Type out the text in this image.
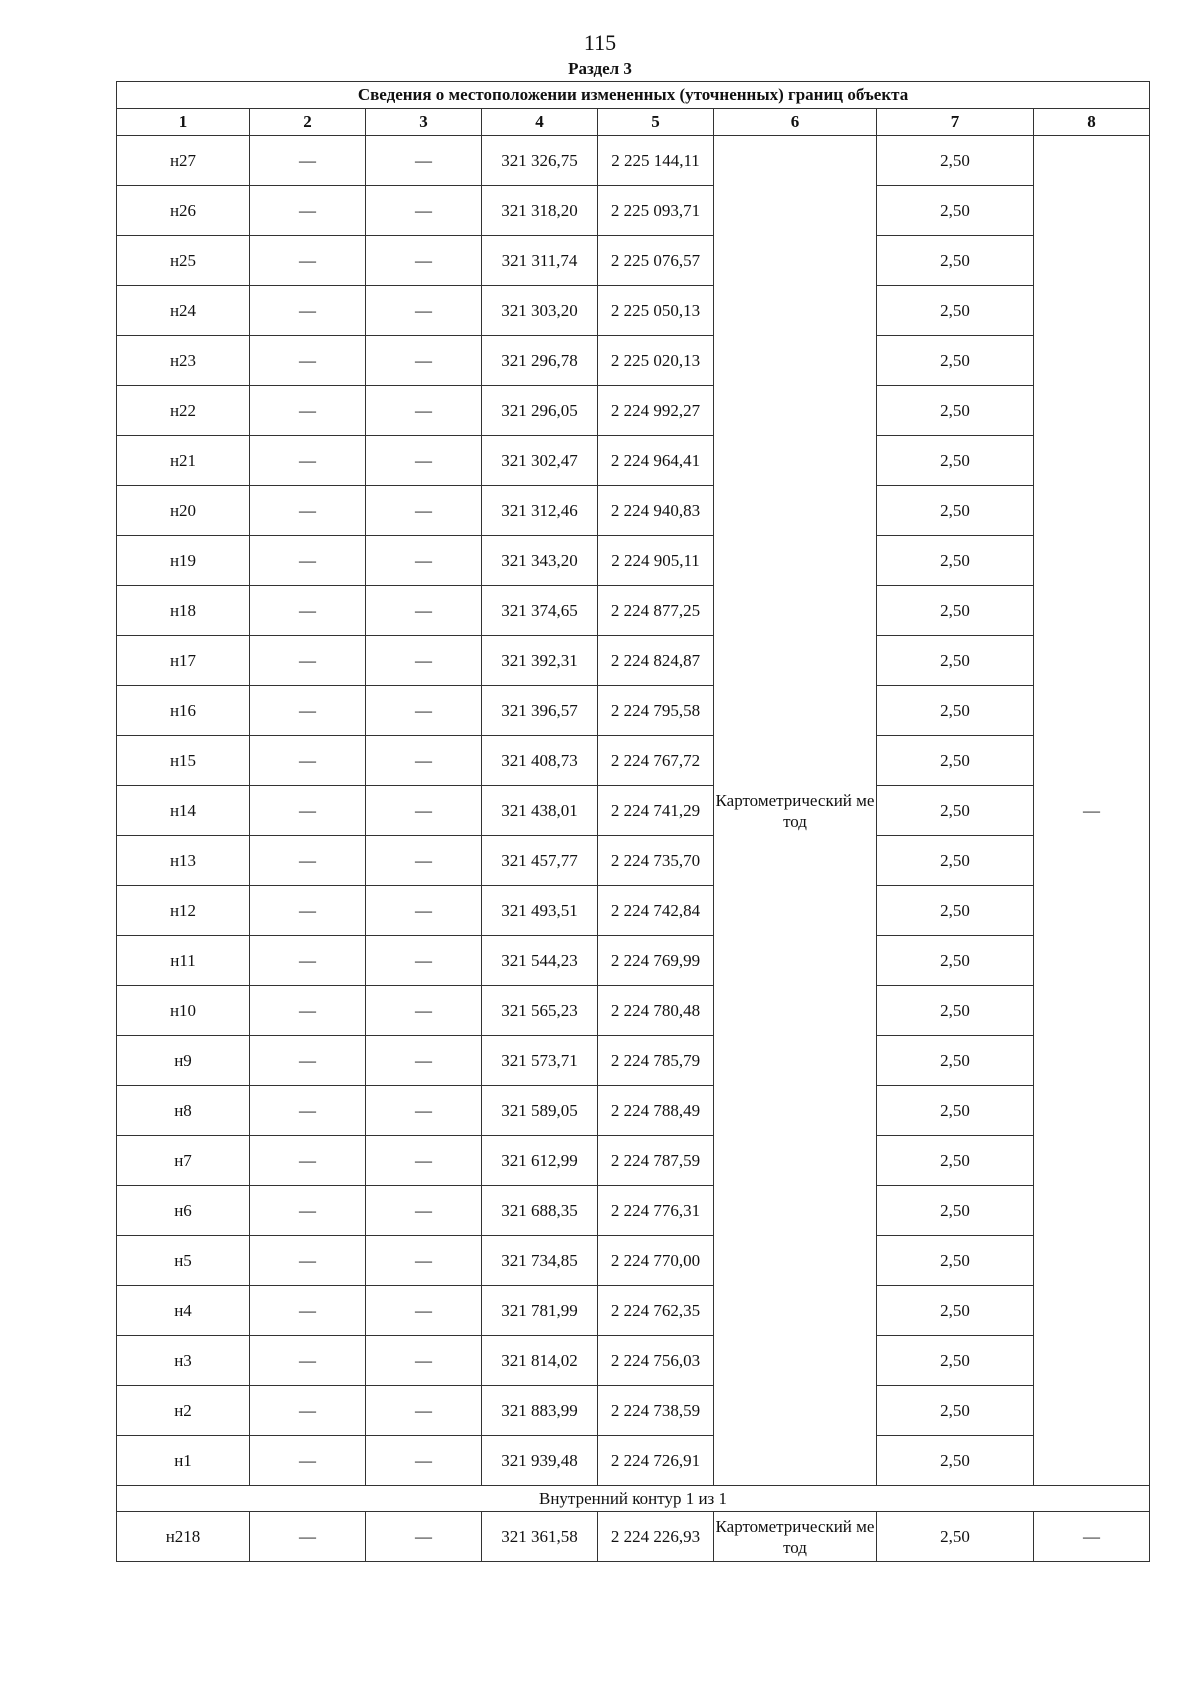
115
Раздел 3
Сведения о местоположении измененных (уточненных) границ объекта							
1	2	3	4	5	6	7	8
н27	—	—	321 326,75	2 225 144,11	Картометрический метод	2,50	—
н26	—	—	321 318,20	2 225 093,71		2,50	
н25	—	—	321 311,74	2 225 076,57		2,50	
н24	—	—	321 303,20	2 225 050,13		2,50	
н23	—	—	321 296,78	2 225 020,13		2,50	
н22	—	—	321 296,05	2 224 992,27		2,50	
н21	—	—	321 302,47	2 224 964,41		2,50	
н20	—	—	321 312,46	2 224 940,83		2,50	
н19	—	—	321 343,20	2 224 905,11		2,50	
н18	—	—	321 374,65	2 224 877,25		2,50	
н17	—	—	321 392,31	2 224 824,87		2,50	
н16	—	—	321 396,57	2 224 795,58		2,50	
н15	—	—	321 408,73	2 224 767,72		2,50	
н14	—	—	321 438,01	2 224 741,29		2,50	
н13	—	—	321 457,77	2 224 735,70		2,50	
н12	—	—	321 493,51	2 224 742,84		2,50	
н11	—	—	321 544,23	2 224 769,99		2,50	
н10	—	—	321 565,23	2 224 780,48		2,50	
н9	—	—	321 573,71	2 224 785,79		2,50	
н8	—	—	321 589,05	2 224 788,49		2,50	
н7	—	—	321 612,99	2 224 787,59		2,50	
н6	—	—	321 688,35	2 224 776,31		2,50	
н5	—	—	321 734,85	2 224 770,00		2,50	
н4	—	—	321 781,99	2 224 762,35		2,50	
н3	—	—	321 814,02	2 224 756,03		2,50	
н2	—	—	321 883,99	2 224 738,59		2,50	
н1	—	—	321 939,48	2 224 726,91		2,50	
Внутренний контур 1 из 1							
н218	—	—	321 361,58	2 224 226,93	Картометрический метод	2,50	—
